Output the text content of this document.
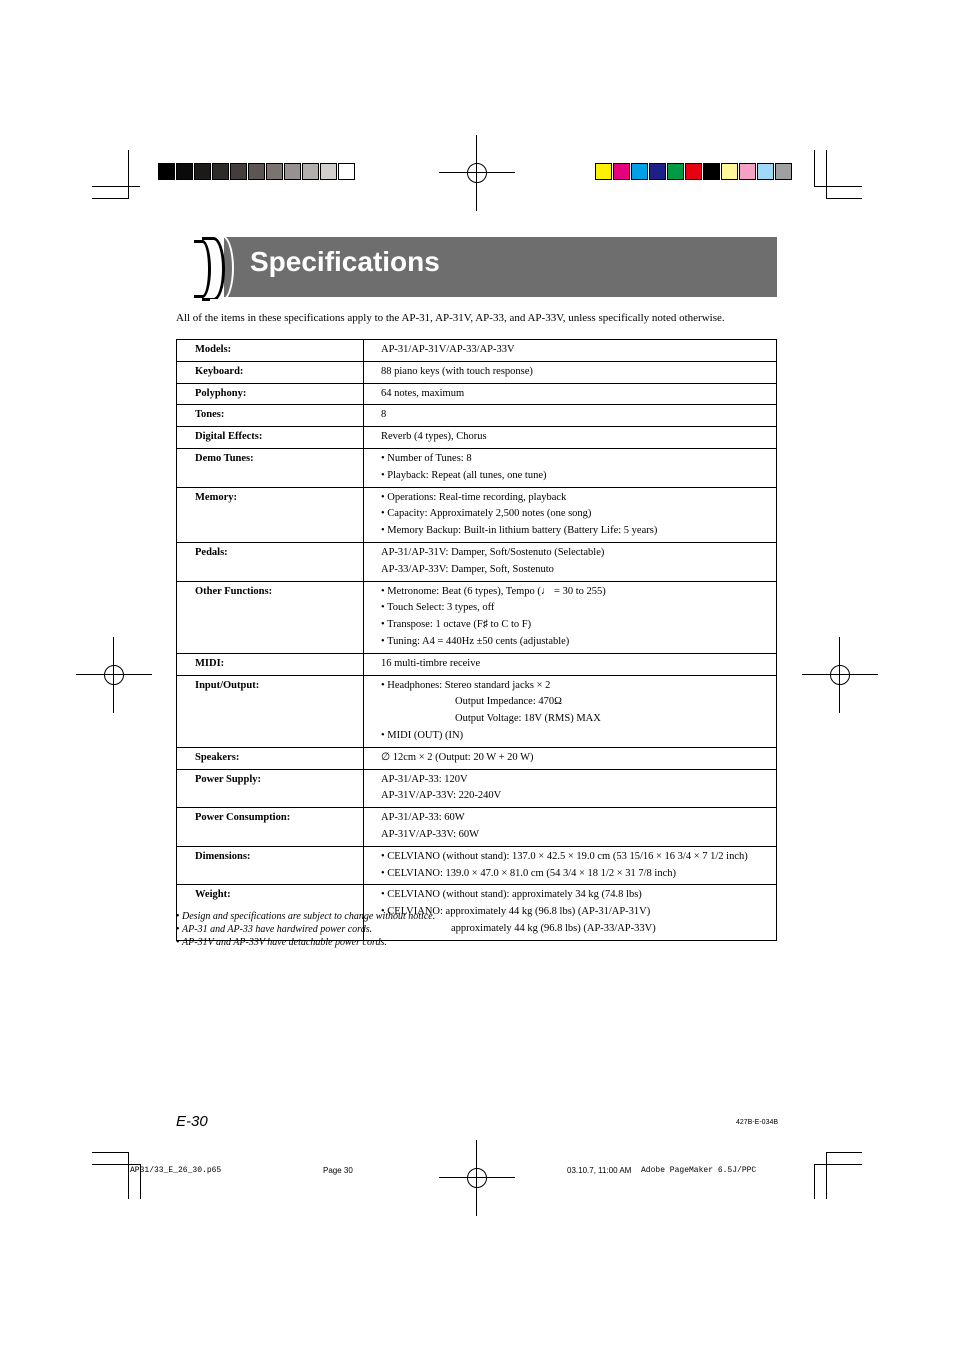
Specifications
All of the items in these specifications apply to the AP-31, AP-31V, AP-33, and AP-33V, unless specifically noted otherwise.
Models:	AP-31/AP-31V/AP-33/AP-33V

Keyboard:	88 piano keys (with touch response)

Polyphony:	64 notes, maximum

Tones:	8

Digital Effects:	Reverb (4 types), Chorus

Demo Tunes:	• Number of Tunes: 8
• Playback: Repeat (all tunes, one tune)

Memory:	• Operations: Real-time recording, playback
• Capacity: Approximately 2,500 notes (one song)
• Memory Backup: Built-in lithium battery (Battery Life: 5 years)

Pedals:	AP-31/AP-31V: Damper, Soft/Sostenuto (Selectable)
AP-33/AP-33V: Damper, Soft, Sostenuto

Other Functions:	• Metronome: Beat (6 types), Tempo (♩ = 30 to 255)
• Touch Select: 3 types, off
• Transpose: 1 octave (F♯ to C to F)
• Tuning: A4 = 440Hz ±50 cents (adjustable)

MIDI:	16 multi-timbre receive

Input/Output:	• Headphones: Stereo standard jacks × 2
Output Impedance: 470Ω
Output Voltage: 18V (RMS) MAX
• MIDI (OUT) (IN)

Speakers:	∅ 12cm × 2 (Output: 20 W + 20 W)

Power Supply:	AP-31/AP-33: 120V
AP-31V/AP-33V: 220-240V

Power Consumption:	AP-31/AP-33: 60W
AP-31V/AP-33V: 60W

Dimensions:	• CELVIANO (without stand): 137.0 × 42.5 × 19.0 cm (53 15/16 × 16 3/4 × 7 1/2 inch)
• CELVIANO: 139.0 × 47.0 × 81.0 cm (54 3/4 × 18 1/2 × 31 7/8 inch)

Weight:	• CELVIANO (without stand): approximately 34 kg (74.8 lbs)
• CELVIANO: approximately 44 kg (96.8 lbs) (AP-31/AP-31V)
approximately 44 kg (96.8 lbs) (AP-33/AP-33V)
• Design and specifications are subject to change without notice.
• AP-31 and AP-33 have hardwired power cords.
• AP-31V and AP-33V have detachable power cords.
E-30	427B-E-034B
AP31/33_E_26_30.p65	Page 30	03.10.7, 11:00 AM Adobe PageMaker 6.5J/PPC
